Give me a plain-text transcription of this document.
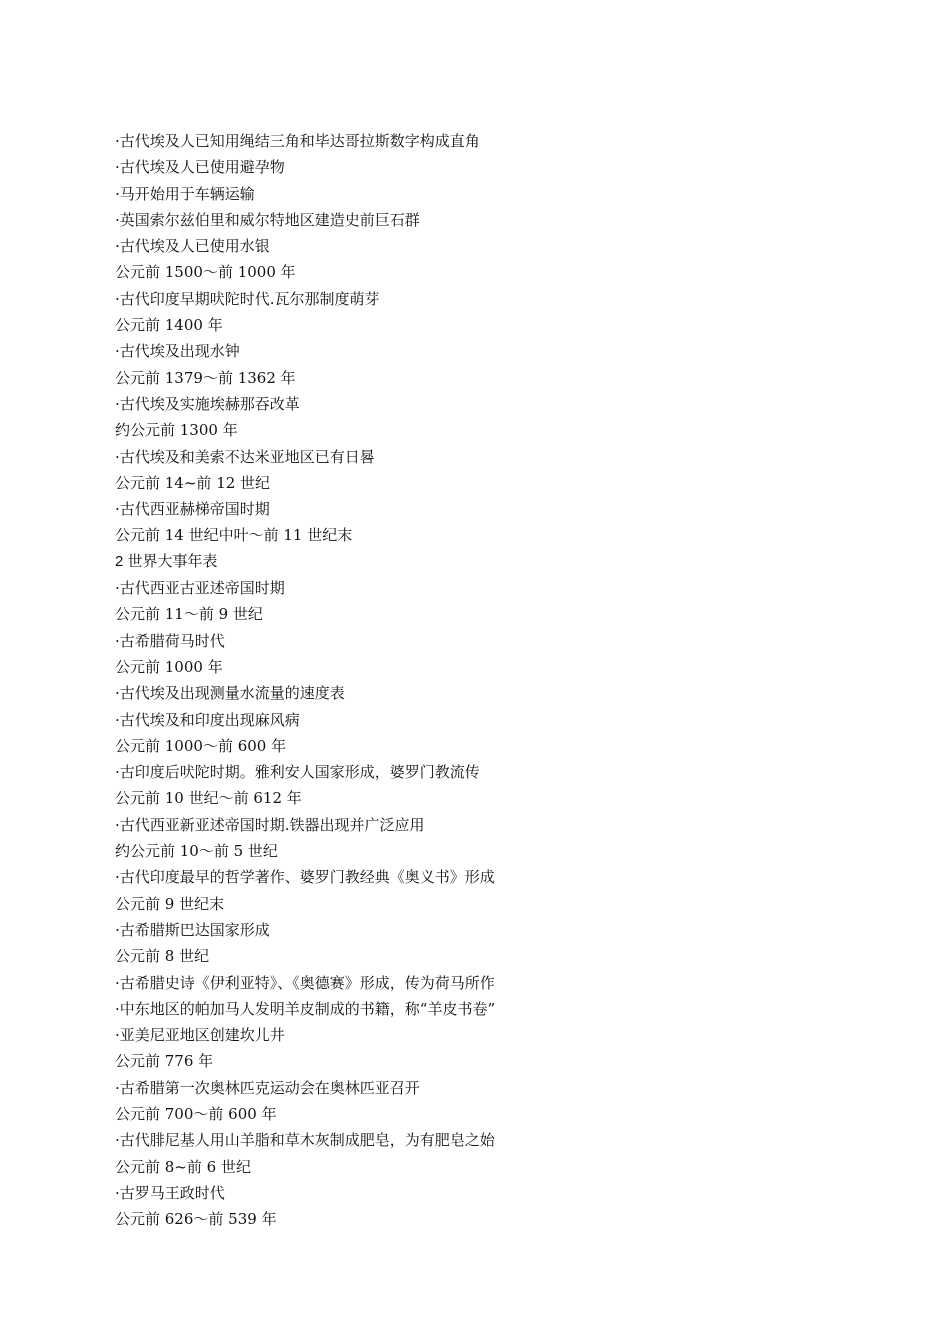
·古代埃及人已知用绳结三角和毕达哥拉斯数字构成直角
·古代埃及人已使用避孕物
·马开始用于车辆运输
·英国索尔兹伯里和威尔特地区建造史前巨石群
·古代埃及人已使用水银
公元前 1500～前 1000 年
·古代印度早期吠陀时代.瓦尔那制度萌芽
公元前 1400 年
·古代埃及出现水钟
公元前 1379～前 1362 年
·古代埃及实施埃赫那吞改革
约公元前 1300 年
·古代埃及和美索不达米亚地区已有日晷
公元前 14~前 12 世纪
·古代西亚赫梯帝国时期
公元前 14 世纪中叶～前 11 世纪末
2 世界大事年表
·古代西亚古亚述帝国时期
公元前 11～前 9 世纪
·古希腊荷马时代
公元前 1000 年
·古代埃及出现测量水流量的速度表
·古代埃及和印度出现麻风病
公元前 1000～前 600 年
·古印度后吠陀时期。雅利安人国家形成，婆罗门教流传
公元前 10 世纪～前 612 年
·古代西亚新亚述帝国时期.铁器出现并广泛应用
约公元前 10～前 5 世纪
·古代印度最早的哲学著作、婆罗门教经典《奥义书》形成
公元前 9 世纪末
·古希腊斯巴达国家形成
公元前 8 世纪
·古希腊史诗《伊利亚特》、《奥德赛》形成，传为荷马所作
·中东地区的帕加马人发明羊皮制成的书籍，称“羊皮书卷”
·亚美尼亚地区创建坎儿井
公元前 776 年
·古希腊第一次奥林匹克运动会在奥林匹亚召开
公元前 700～前 600 年
·古代腓尼基人用山羊脂和草木灰制成肥皂，为有肥皂之始
公元前 8~前 6 世纪
·古罗马王政时代
公元前 626～前 539 年
